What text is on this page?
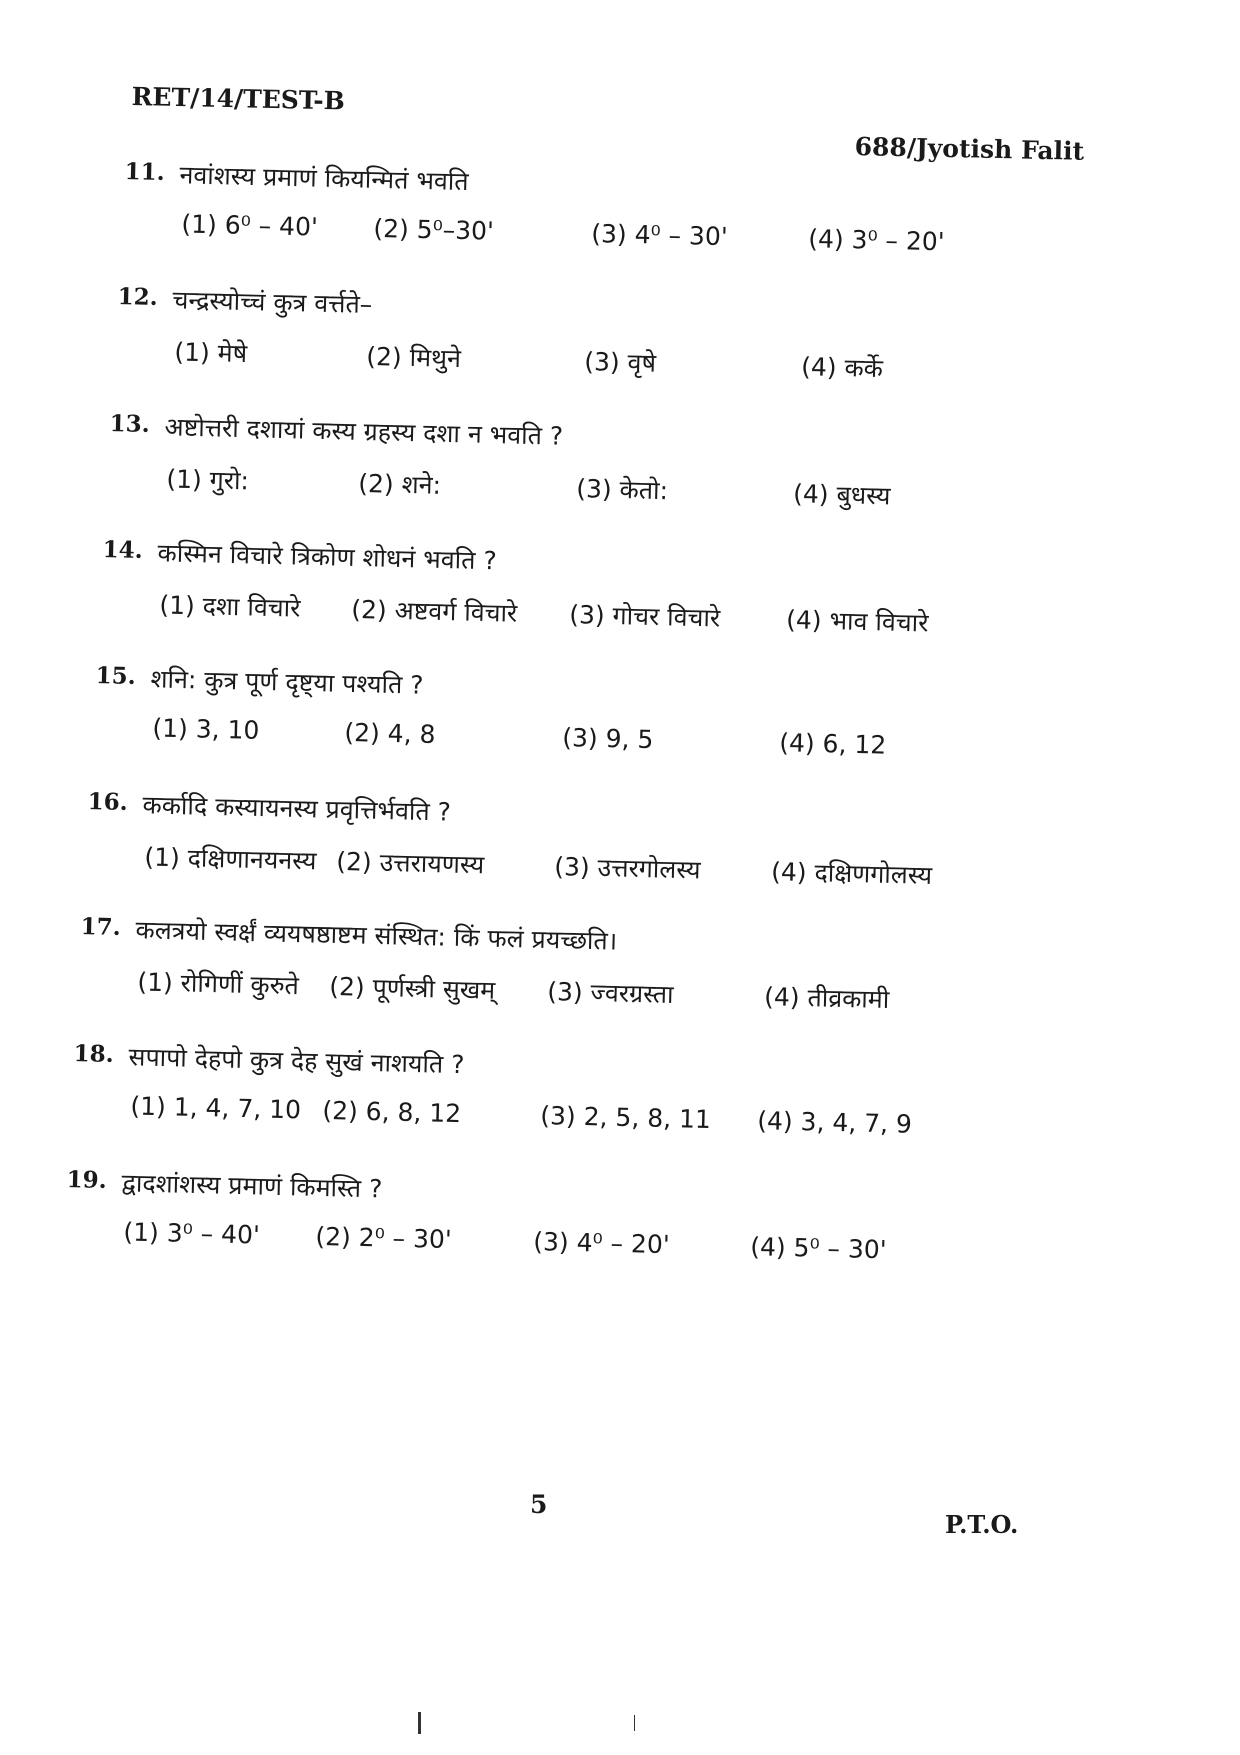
RET/14/TEST-B
688/Jyotish Falit
11. नवांशस्य प्रमाणं कियन्मितं भवति
(1) 6⁰ – 40' (2) 5⁰–30'	(3) 4⁰ – 30'	(4) 3⁰ – 20'
12. चन्द्रस्योच्चं कुत्र वर्त्तते–
(1) मेषे	(2) मिथुने	(3) वृषे	(4) कर्के
13. अष्टोत्तरी दशायां कस्य ग्रहस्य दशा न भवति ?
(1) गुरो:	(2) शने:	(3) केतो:	(4) बुधस्य
14. कस्मिन विचारे त्रिकोण शोधनं भवति ?
(1) दशा विचारे (2) अष्टवर्ग विचारे (3) गोचर विचारे	(4) भाव विचारे
15. शनि: कुत्र पूर्ण दृष्ट्या पश्यति ?
(1) 3, 10	(2) 4, 8	(3) 9, 5	(4) 6, 12
16. कर्कादि कस्यायनस्य प्रवृत्तिर्भवति ?
(1) दक्षिणानयनस्य (2) उत्तरायणस्य	(3) उत्तरगोलस्य	(4) दक्षिणगोलस्य
17. कलत्रयो स्वर्क्षं व्ययषष्ठाष्टम संस्थित: किं फलं प्रयच्छति।
(1) रोगिणीं कुरुते (2) पूर्णस्त्री सुखम् (3) ज्वरग्रस्ता	(4) तीव्रकामी
18. सपापो देहपो कुत्र देह सुखं नाशयति ?
(1) 1, 4, 7, 10 (2) 6, 8, 12	(3) 2, 5, 8, 11 (4) 3, 4, 7, 9
19. द्वादशांशस्य प्रमाणं किमस्ति ?
(1) 3⁰ – 40' (2) 2⁰ – 30'	(3) 4⁰ – 20'	(4) 5⁰ – 30'
5
P.T.O.
